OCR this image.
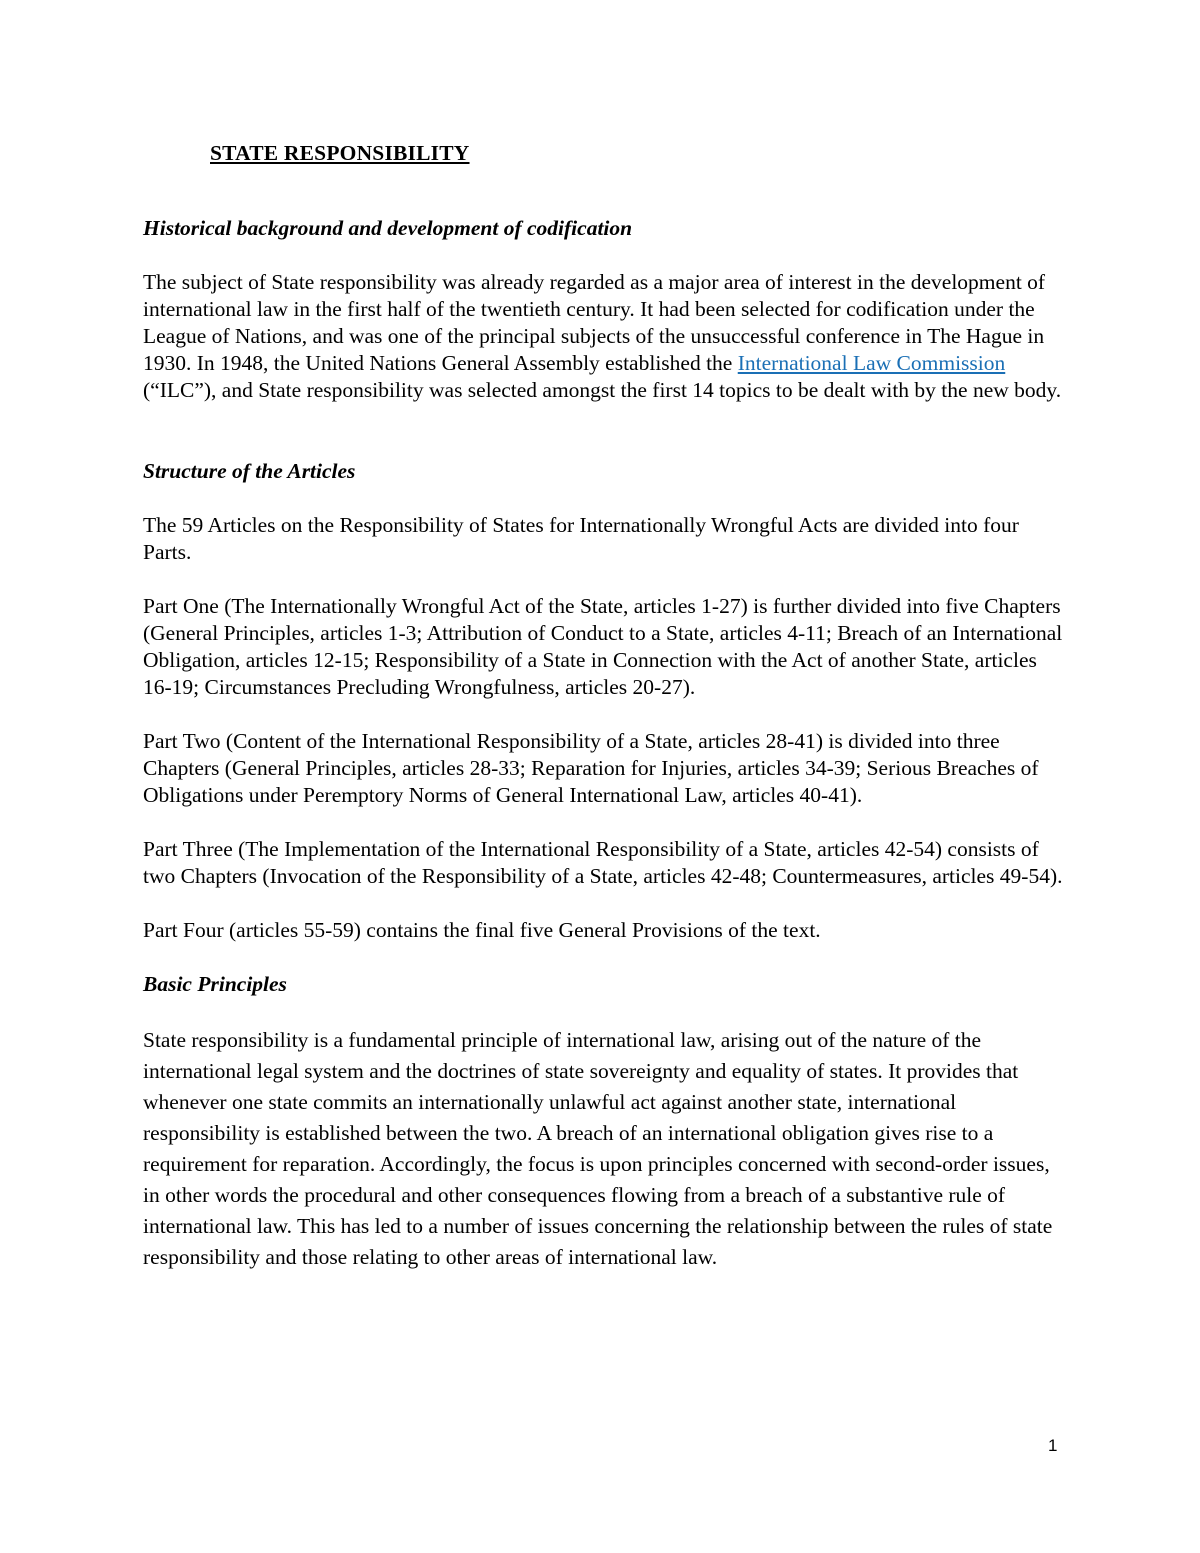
STATE RESPONSIBILITY
Historical background and development of codification

The subject of State responsibility was already regarded as a major area of interest in the development of international law in the first half of the twentieth century. It had been selected for codification under the League of Nations, and was one of the principal subjects of the unsuccessful conference in The Hague in 1930. In 1948, the United Nations General Assembly established the International Law Commission (“ILC”), and State responsibility was selected amongst the first 14 topics to be dealt with by the new body.

Structure of the Articles

The 59 Articles on the Responsibility of States for Internationally Wrongful Acts are divided into four Parts.

Part One (The Internationally Wrongful Act of the State, articles 1-27) is further divided into five Chapters (General Principles, articles 1-3; Attribution of Conduct to a State, articles 4-11; Breach of an International Obligation, articles 12-15; Responsibility of a State in Connection with the Act of another State, articles 16-19; Circumstances Precluding Wrongfulness, articles 20-27).

Part Two (Content of the International Responsibility of a State, articles 28-41) is divided into three Chapters (General Principles, articles 28-33; Reparation for Injuries, articles 34-39; Serious Breaches of Obligations under Peremptory Norms of General International Law, articles 40-41).

Part Three (The Implementation of the International Responsibility of a State, articles 42-54) consists of two Chapters (Invocation of the Responsibility of a State, articles 42-48; Countermeasures, articles 49-54).

Part Four (articles 55-59) contains the final five General Provisions of the text.

Basic Principles

State responsibility is a fundamental principle of international law, arising out of the nature of the international legal system and the doctrines of state sovereignty and equality of states. It provides that whenever one state commits an internationally unlawful act against another state, international responsibility is established between the two. A breach of an international obligation gives rise to a requirement for reparation. Accordingly, the focus is upon principles concerned with second-order issues, in other words the procedural and other consequences flowing from a breach of a substantive rule of international law. This has led to a number of issues concerning the relationship between the rules of state responsibility and those relating to other areas of international law.

1
